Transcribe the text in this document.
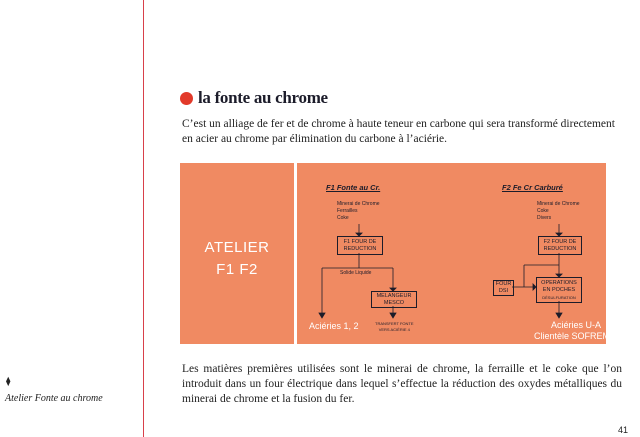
⧫
Atelier Fonte au chrome
la fonte au chrome
C’est un alliage de fer et de chrome à haute teneur en carbone qui sera transformé directement en acier au chrome par élimination du carbone à l’aciérie.
ATELIER
F1 F2
F1 Fonte au Cr.
Minerai de Chrome
Ferrailles
Coke
F1 FOUR DE
REDUCTION
Solide Liquide
MELANGEUR
MESCO
Aciéries 1, 2	TRANSFERT FONTE
VERS ACIÉRIE 4
F2 Fe Cr Carburé
Minerai de Chrome
Coke
Divers
F2 FOUR DE
REDUCTION
FOUR
DSI
OPERATIONS
EN POCHES
DÉSULFURATION
Aciéries U-A
Clientèle SOFREM
Les matières premières utilisées sont le minerai de chrome, la ferraille et le coke que l’on introduit dans un four électrique dans lequel s’effectue la réduction des oxydes métalliques du minerai de chrome et la fusion du fer.
41
